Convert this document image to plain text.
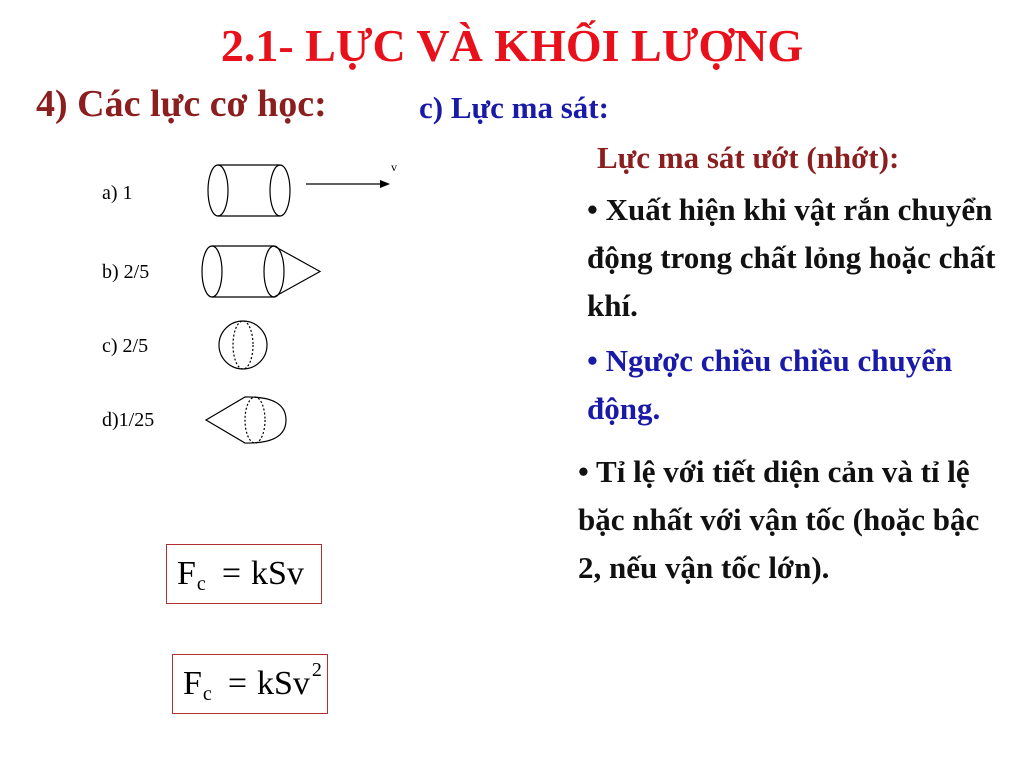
2.1- LỰC VÀ KHỐI LƯỢNG
4) Các lực cơ học:	c) Lực ma sát:
Lực ma sát ướt (nhớt):
• Xuất hiện khi vật rắn chuyển động trong chất lỏng hoặc chất khí.
• Ngược chiều chiều chuyển động.
• Tỉ lệ với tiết diện cản và tỉ lệ bặc nhất với vận tốc (hoặc bậc 2, nếu vận tốc lớn).
a) 1
b) 2/5
c) 2/5
d)1/25
v
F c = kSv
F c = kSv 2
